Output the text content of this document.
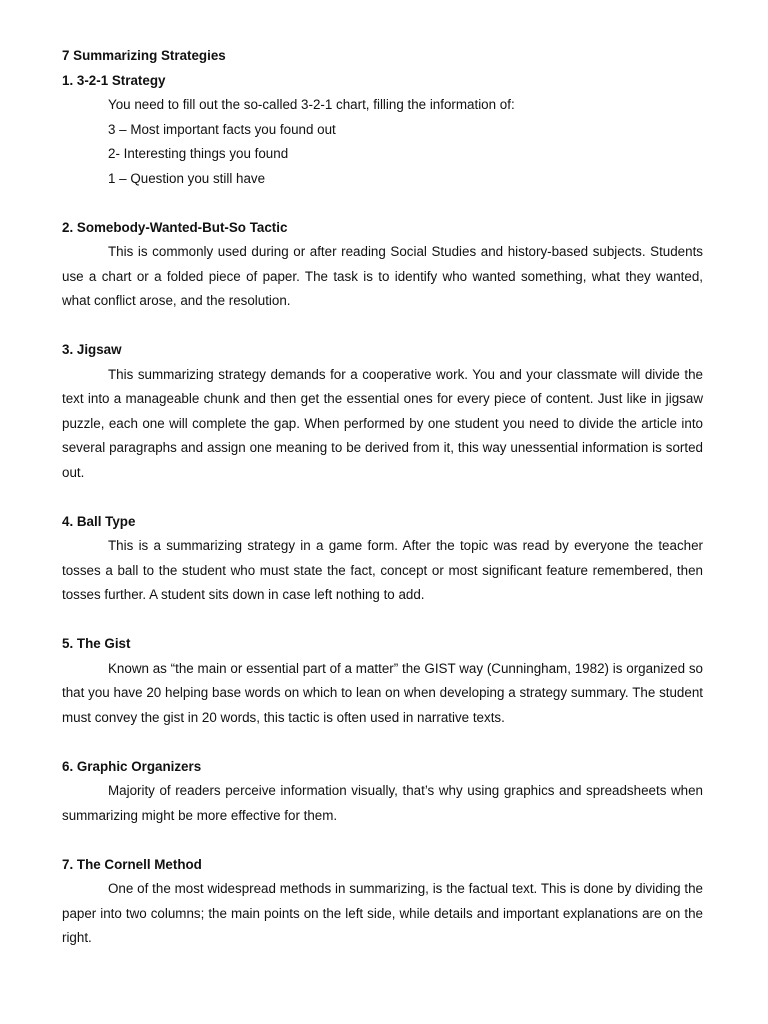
7 Summarizing Strategies

1. 3-2-1 Strategy

You need to fill out the so-called 3-2-1 chart, filling the information of:

3 – Most important facts you found out

2- Interesting things you found

1 – Question you still have

2. Somebody-Wanted-But-So Tactic

This is commonly used during or after reading Social Studies and history-based subjects. Students use a chart or a folded piece of paper. The task is to identify who wanted something, what they wanted, what conflict arose, and the resolution.

3. Jigsaw

This summarizing strategy demands for a cooperative work. You and your classmate will divide the text into a manageable chunk and then get the essential ones for every piece of content. Just like in jigsaw puzzle, each one will complete the gap. When performed by one student you need to divide the article into several paragraphs and assign one meaning to be derived from it, this way unessential information is sorted out.

4. Ball Type

This is a summarizing strategy in a game form. After the topic was read by everyone the teacher tosses a ball to the student who must state the fact, concept or most significant feature remembered, then tosses further. A student sits down in case left nothing to add.

5. The Gist

Known as “the main or essential part of a matter” the GIST way (Cunningham, 1982) is organized so that you have 20 helping base words on which to lean on when developing a strategy summary. The student must convey the gist in 20 words, this tactic is often used in narrative texts.

6. Graphic Organizers

Majority of readers perceive information visually, that’s why using graphics and spreadsheets when summarizing might be more effective for them.

7. The Cornell Method

One of the most widespread methods in summarizing, is the factual text. This is done by dividing the paper into two columns; the main points on the left side, while details and important explanations are on the right.
